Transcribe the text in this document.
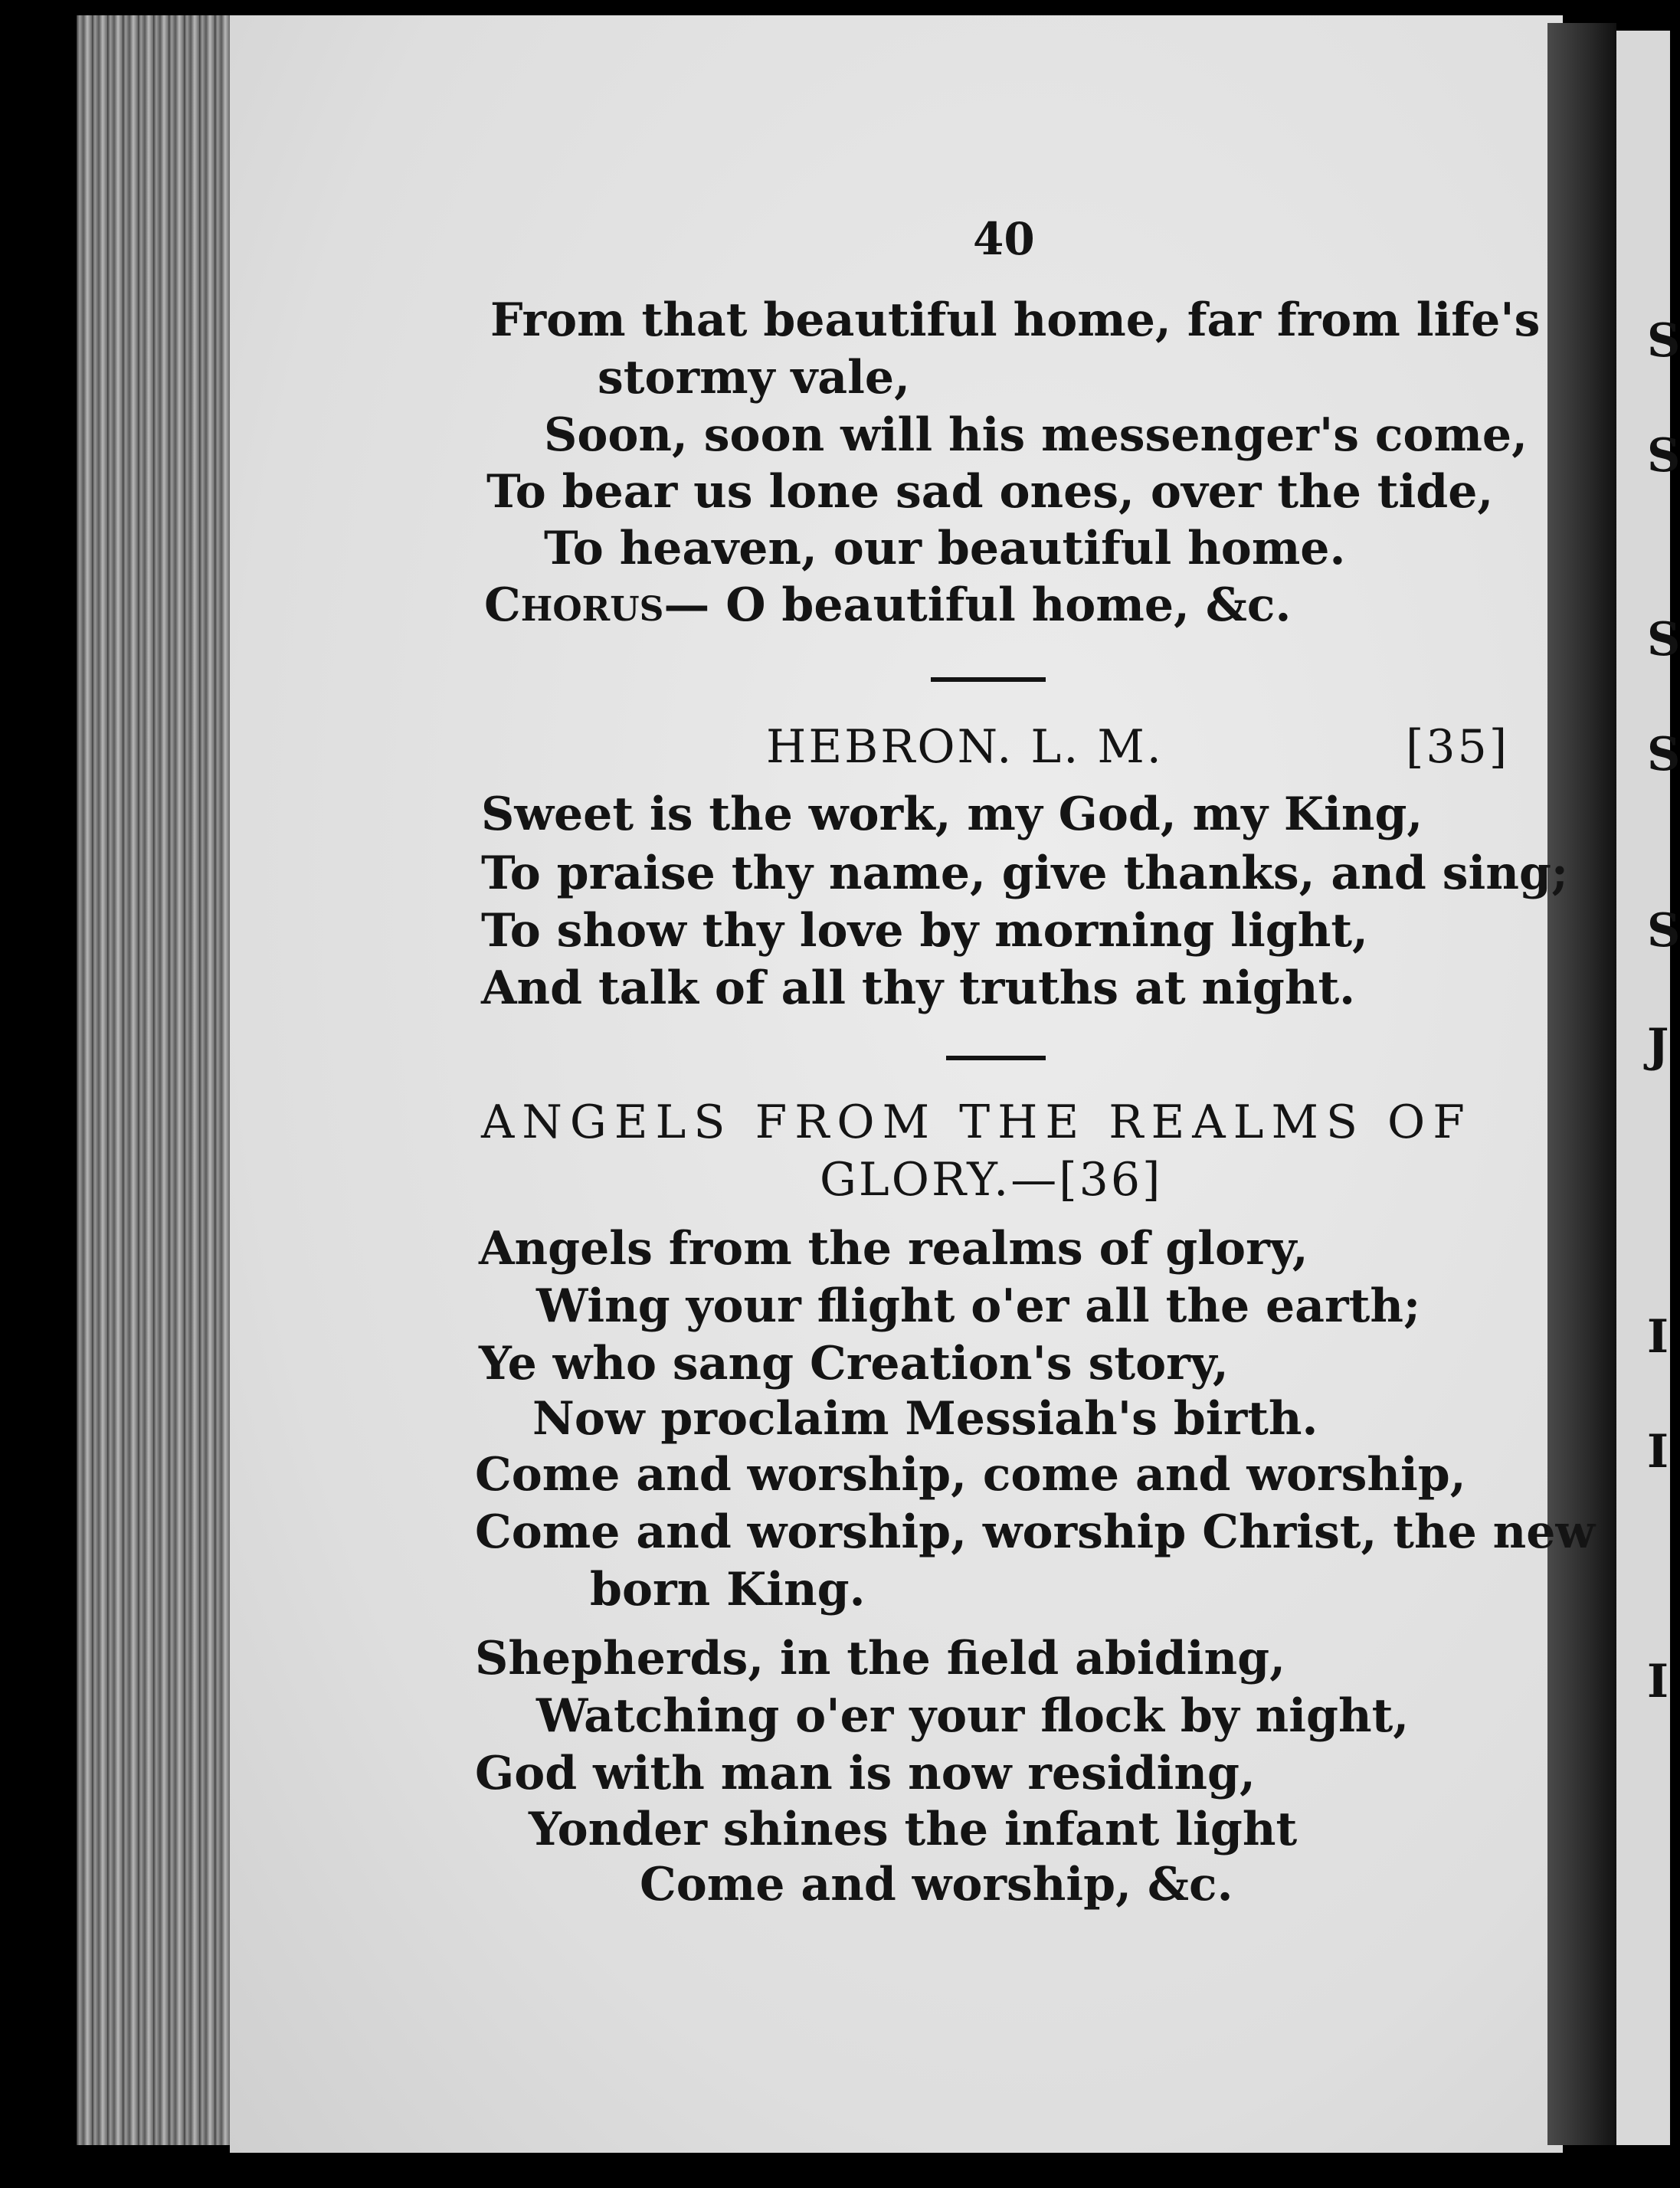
S
S
S
S
S
J
I
I
I
40
From that beautiful home, far from life's
stormy vale,
Soon, soon will his messenger's come,
To bear us lone sad ones, over the tide,
To heaven, our beautiful home.
CHORUS— O beautiful home, &c.
HEBRON. L. M.	[35]
Sweet is the work, my God, my King,
To praise thy name, give thanks, and sing;
To show thy love by morning light,
And talk of all thy truths at night.
ANGELS FROM THE REALMS OF
GLORY.—[36]
Angels from the realms of glory,
Wing your flight o'er all the earth;
Ye who sang Creation's story,
Now proclaim Messiah's birth.
Come and worship, come and worship,
Come and worship, worship Christ, the new
born King.
Shepherds, in the field abiding,
Watching o'er your flock by night,
God with man is now residing,
Yonder shines the infant light
Come and worship, &c.
